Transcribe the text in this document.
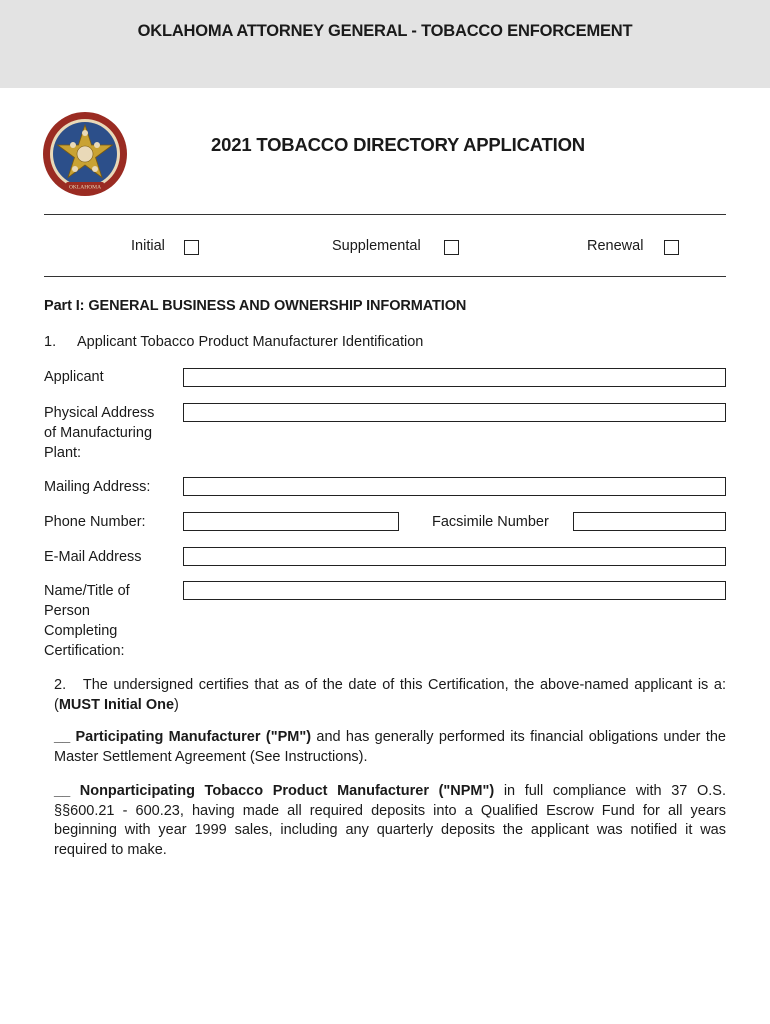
OKLAHOMA ATTORNEY GENERAL - TOBACCO ENFORCEMENT
OKLAHOMA
2021 TOBACCO DIRECTORY APPLICATION
Initial	Supplemental	Renewal
Part I: GENERAL BUSINESS AND OWNERSHIP INFORMATION
1. Applicant Tobacco Product Manufacturer Identification
Applicant
Physical Address
of Manufacturing
Plant:
Mailing Address:
Phone Number:	Facsimile Number
E-Mail Address
Name/Title of
Person
Completing
Certification:
2. The undersigned certifies that as of the date of this Certification, the above-named applicant is a: (MUST Initial One)
__ Participating Manufacturer ("PM") and has generally performed its financial obligations under the Master Settlement Agreement (See Instructions).
__ Nonparticipating Tobacco Product Manufacturer ("NPM") in full compliance with 37 O.S. §§600.21 - 600.23, having made all required deposits into a Qualified Escrow Fund for all years beginning with year 1999 sales, including any quarterly deposits the applicant was notified it was required to make.
